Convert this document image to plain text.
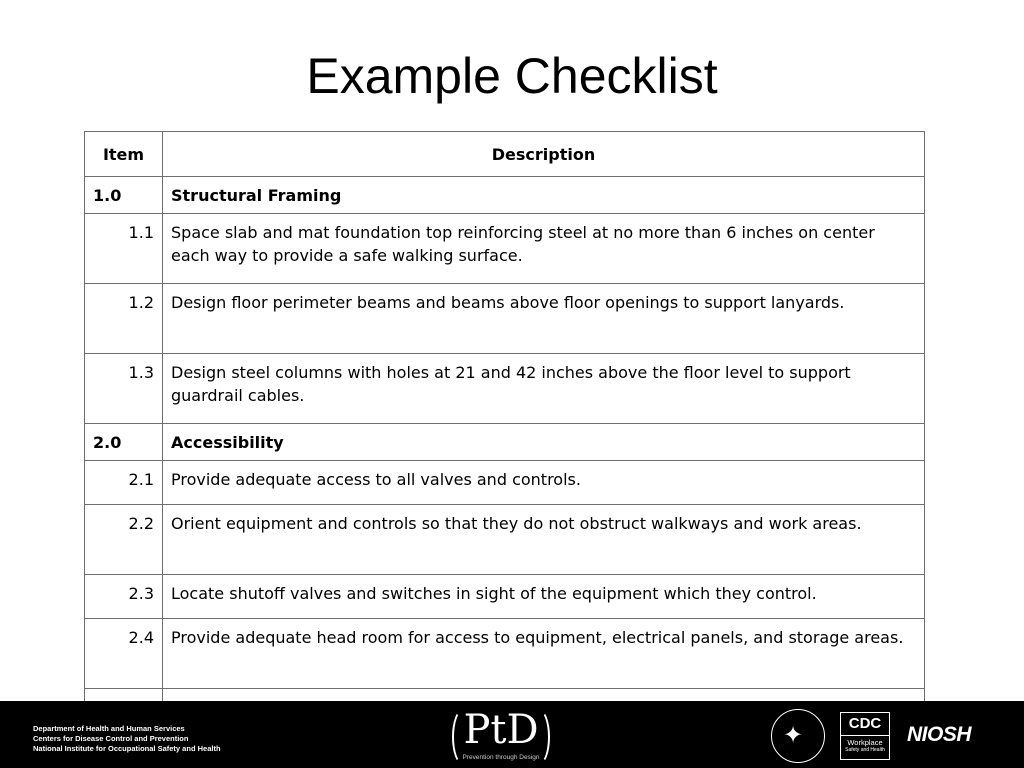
Example Checklist
Item	Description
1.0	Structural Framing
1.1	Space slab and mat foundation top reinforcing steel at no more than 6 inches on center each way to provide a safe walking surface.
1.2	Design floor perimeter beams and beams above floor openings to support lanyards.
1.3	Design steel columns with holes at 21 and 42 inches above the floor level to support guardrail cables.
2.0	Accessibility
2.1	Provide adequate access to all valves and controls.
2.2	Orient equipment and controls so that they do not obstruct walkways and work areas.
2.3	Locate shutoff valves and switches in sight of the equipment which they control.
2.4	Provide adequate head room for access to equipment, electrical panels, and storage areas.

Department of Health and Human Services
Centers for Disease Control and Prevention
National Institute for Occupational Safety and Health	PtD
Prevention through Design
✦	CDC
Workplace
Safety and Health
NIOSH
